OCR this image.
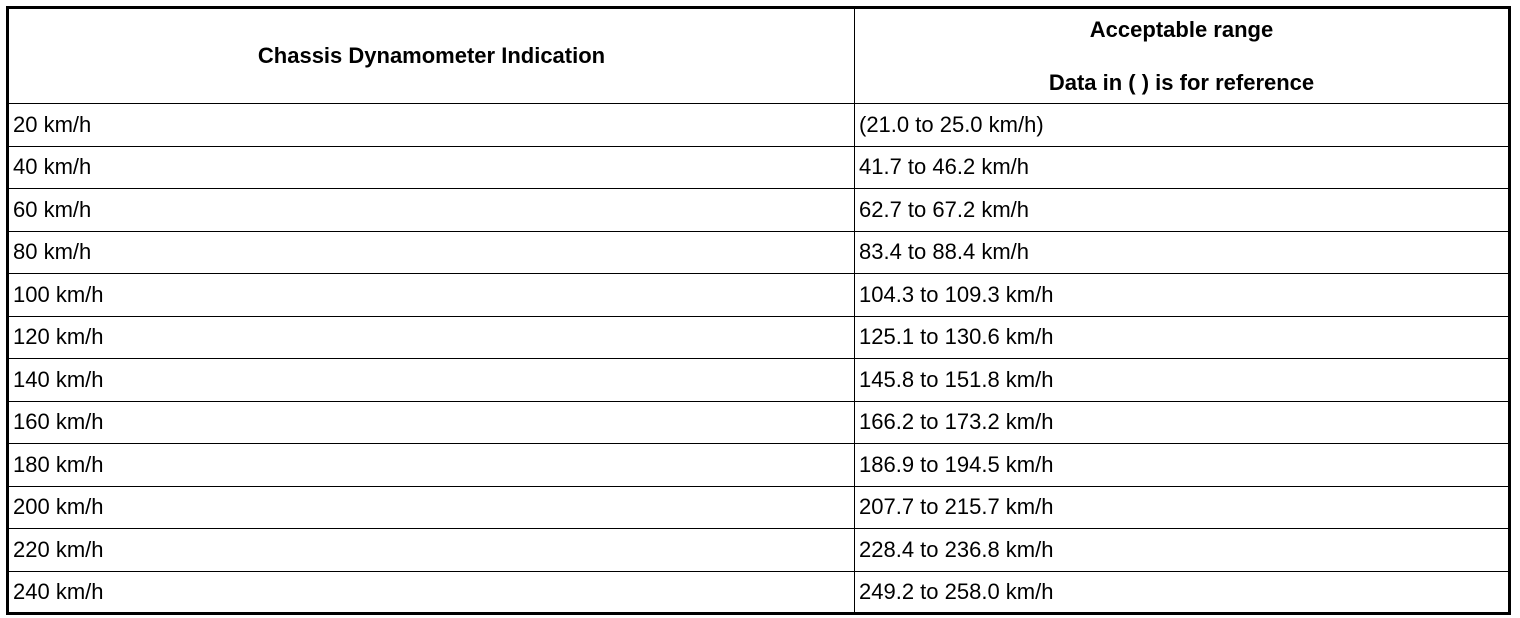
Chassis Dynamometer Indication	Acceptable range
Data in ( ) is for reference

20 km/h	(21.0 to 25.0 km/h)
40 km/h	41.7 to 46.2 km/h
60 km/h	62.7 to 67.2 km/h
80 km/h	83.4 to 88.4 km/h
100 km/h	104.3 to 109.3 km/h
120 km/h	125.1 to 130.6 km/h
140 km/h	145.8 to 151.8 km/h
160 km/h	166.2 to 173.2 km/h
180 km/h	186.9 to 194.5 km/h
200 km/h	207.7 to 215.7 km/h
220 km/h	228.4 to 236.8 km/h
240 km/h	249.2 to 258.0 km/h
